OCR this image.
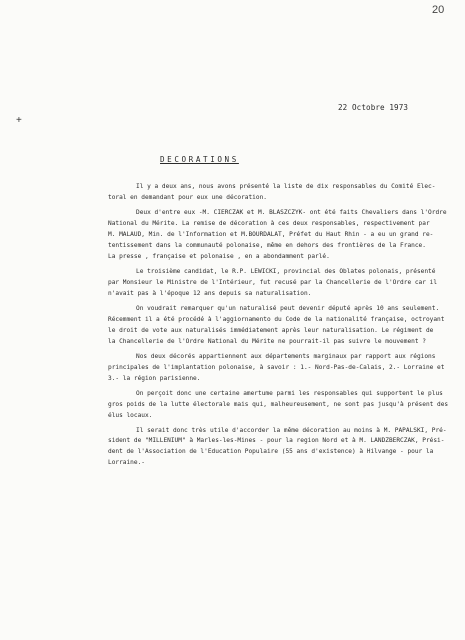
20
+
22 Octobre 1973
DECORATIONS
Il y a deux ans, nous avons présenté la liste de dix responsables du Comité Elec-
toral en demandant pour eux une décoration.
Deux d'entre eux -M. CIERCZAK et M. BLASZCZYK- ont été faits Chevaliers dans l'Ordre
National du Mérite. La remise de décoration à ces deux responsables, respectivement par
M. MALAUD, Min. de l'Information et M.BOURDALAT, Préfet du Haut Rhin - a eu un grand re-
tentissement dans la communauté polonaise, même en dehors des frontières de la France.
La presse , française et polonaise , en a abondamment parlé.
Le troisième candidat, le R.P. LEWICKI, provincial des Oblates polonais, présenté
par Monsieur le Ministre de l'Intérieur, fut recusé par la Chancellerie de l'Ordre car il
n'avait pas à l'époque 12 ans depuis sa naturalisation.
On voudrait remarquer qu'un naturalisé peut devenir député après 10 ans seulement.
Récemment il a été procédé à l'aggiornamento du Code de la nationalité française, octroyant
le droit de vote aux naturalisés immédiatement après leur naturalisation. Le régiment de
la Chancellerie de l'Ordre National du Mérite ne pourrait-il pas suivre le mouvement ?
Nos deux décorés appartiennent aux départements marginaux par rapport aux régions
principales de l'implantation polonaise, à savoir : 1.- Nord-Pas-de-Calais, 2.- Lorraine et
3.- la région parisienne.
On perçoit donc une certaine amertume parmi les responsables qui supportent le plus
gros poids de la lutte électorale mais qui, malheureusement, ne sont pas jusqu'à présent des
élus locaux.
Il serait donc très utile d'accorder la même décoration au moins à M. PAPALSKI, Pré-
sident de "MILLENIUM" à Marles-les-Mines - pour la region Nord et à M. LANDZBERCZAK, Prési-
dent de l'Association de l'Education Populaire (55 ans d'existence) à Hilvange - pour la
Lorraine.-
